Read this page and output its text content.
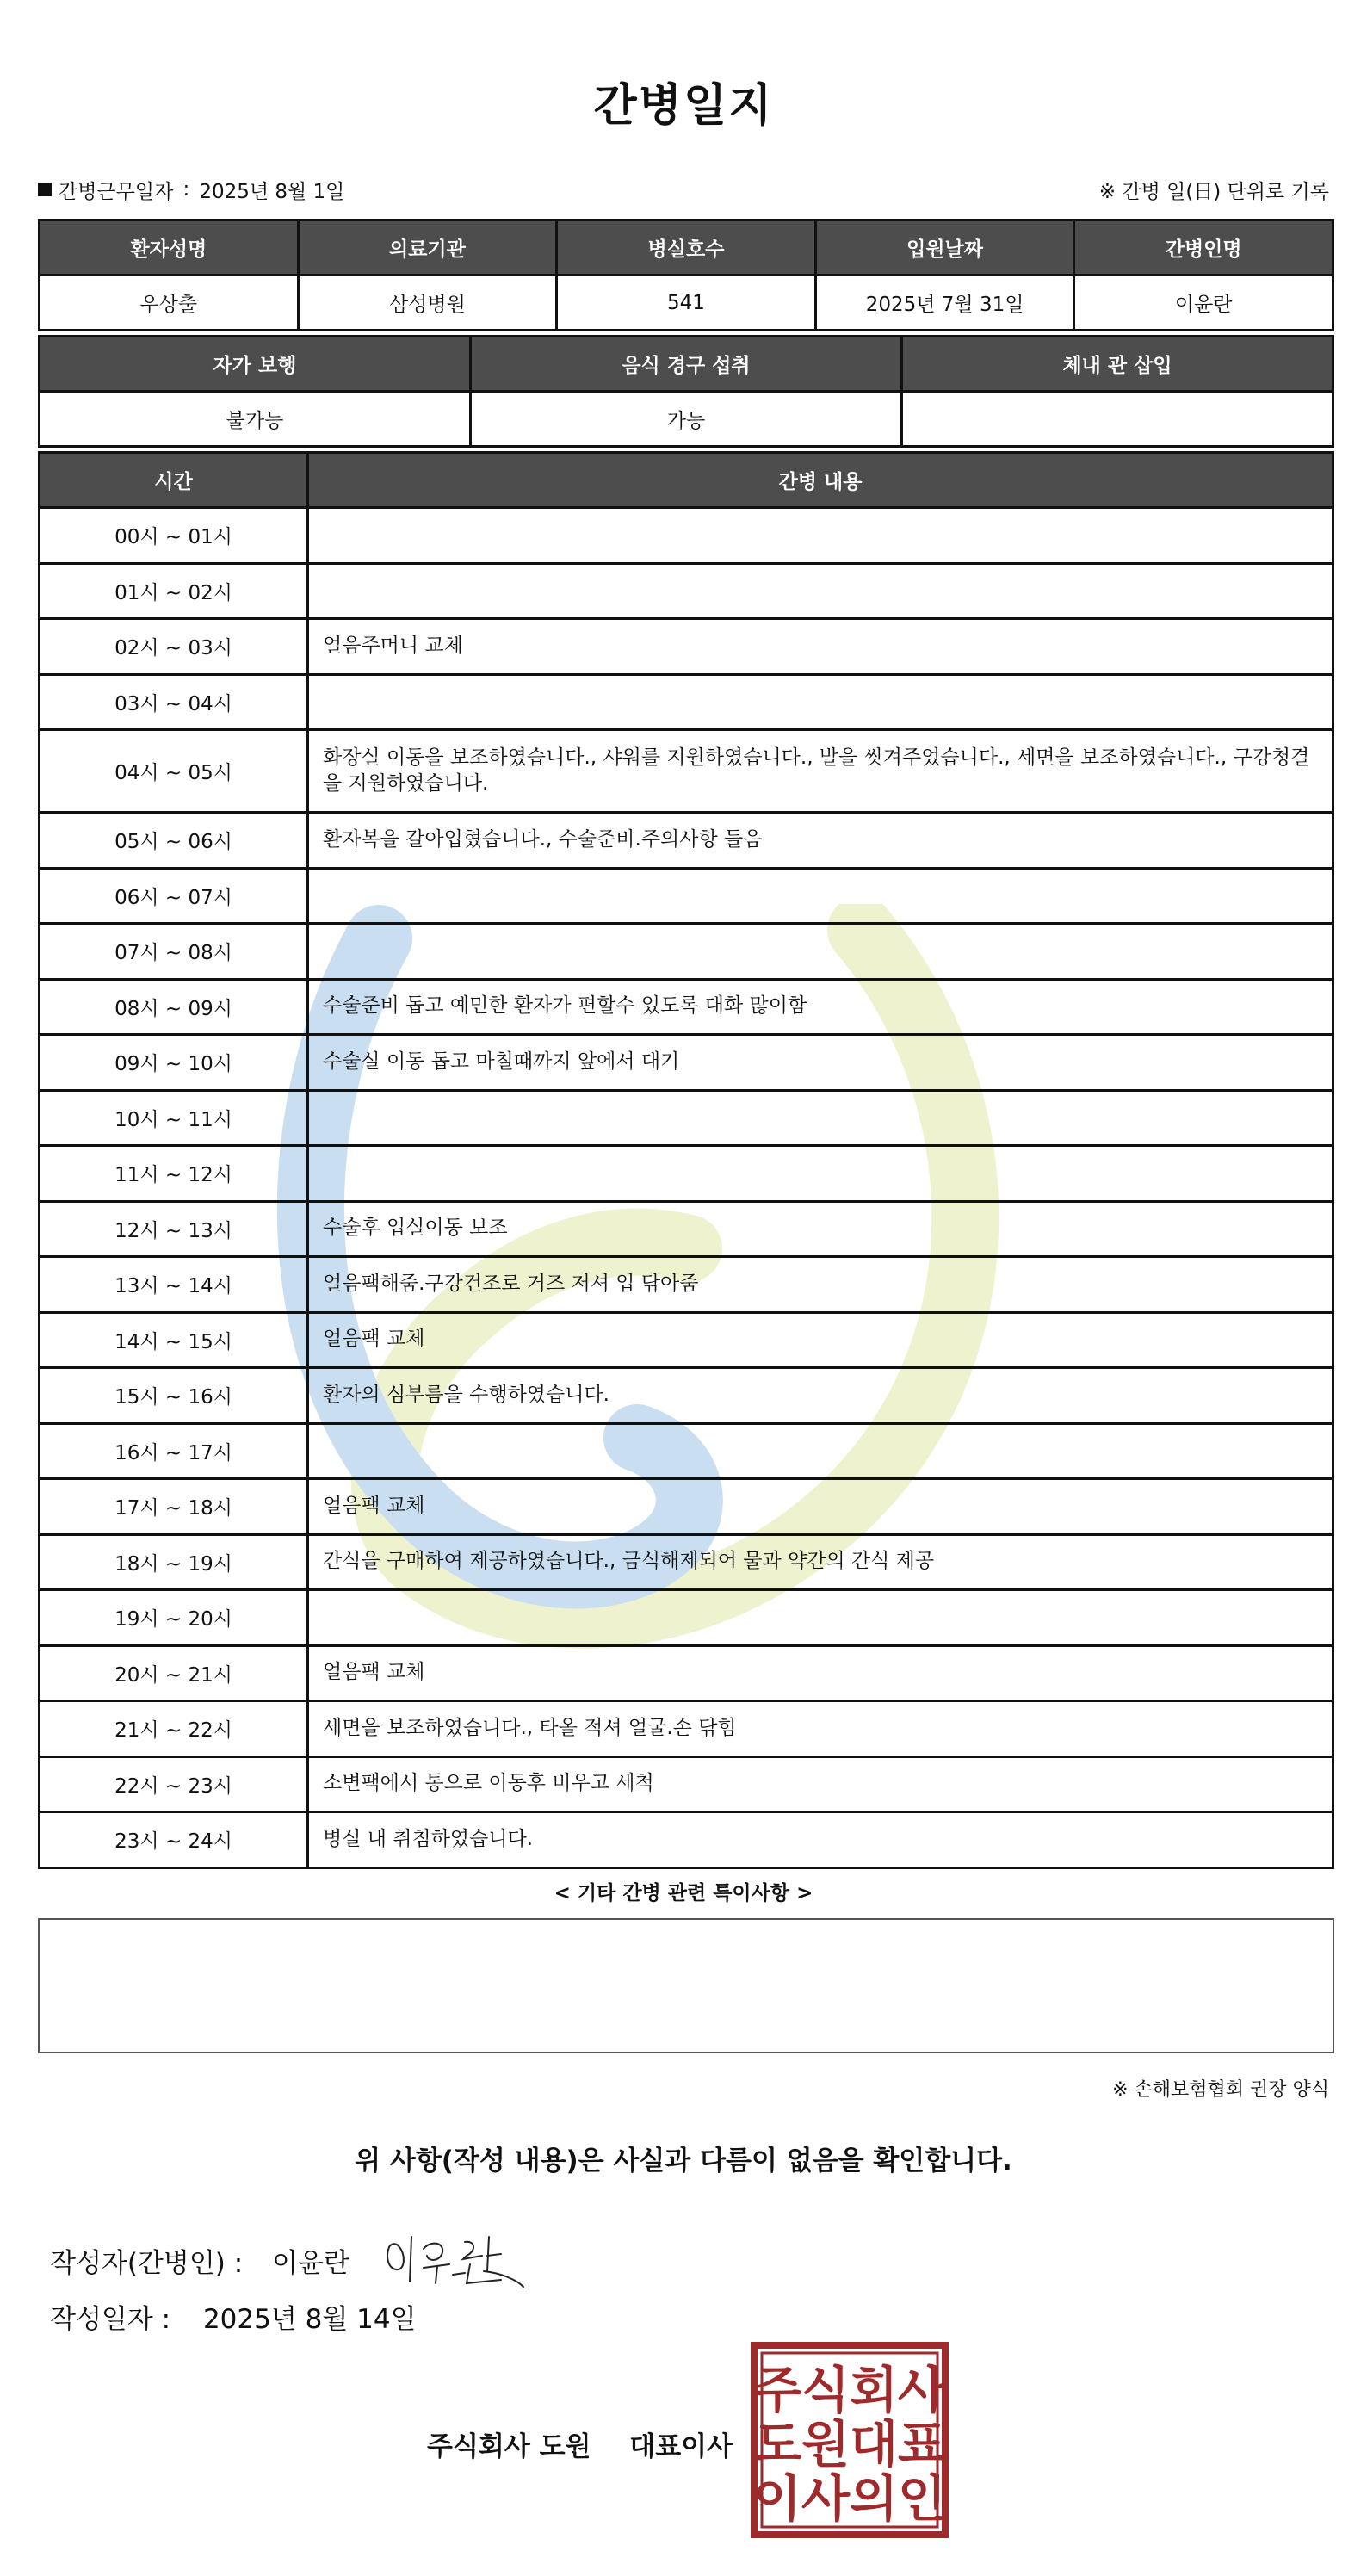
간병일지
간병근무일자 : 2025년 8월 1일	※ 간병 일(日) 단위로 기록
환자성명	의료기관	병실호수	입원날짜	간병인명
우상출	삼성병원	541	2025년 7월 31일	이윤란
자가 보행	음식 경구 섭취	체내 관 삽입
불가능	가능	
시간	간병 내용
00시 ~ 01시	
01시 ~ 02시	
02시 ~ 03시	얼음주머니 교체
03시 ~ 04시	
04시 ~ 05시	화장실 이동을 보조하였습니다., 샤워를 지원하였습니다., 발을 씻겨주었습니다., 세면을 보조하였습니다., 구강청결을 지원하였습니다.
05시 ~ 06시	환자복을 갈아입혔습니다., 수술준비.주의사항 들음
06시 ~ 07시	
07시 ~ 08시	
08시 ~ 09시	수술준비 돕고 예민한 환자가 편할수 있도록 대화 많이함
09시 ~ 10시	수술실 이동 돕고 마칠때까지 앞에서 대기
10시 ~ 11시	
11시 ~ 12시	
12시 ~ 13시	수술후 입실이동 보조
13시 ~ 14시	얼음팩해줌.구강건조로 거즈 저셔 입 닦아줌
14시 ~ 15시	얼음팩 교체
15시 ~ 16시	환자의 심부름을 수행하였습니다.
16시 ~ 17시	
17시 ~ 18시	얼음팩 교체
18시 ~ 19시	간식을 구매하여 제공하였습니다., 금식해제되어 물과 약간의 간식 제공
19시 ~ 20시	
20시 ~ 21시	얼음팩 교체
21시 ~ 22시	세면을 보조하였습니다., 타올 적셔 얼굴.손 닦힘
22시 ~ 23시	소변팩에서 통으로 이동후 비우고 세척
23시 ~ 24시	병실 내 취침하였습니다.
< 기타 간병 관련 특이사항 >
※ 손해보험협회 권장 양식
위 사항(작성 내용)은 사실과 다름이 없음을 확인합니다.
작성자(간병인) : 이윤란
작성일자 : 2025년 8월 14일
주식회사 도원 대표이사
주식회사
도원대표
이사의인
